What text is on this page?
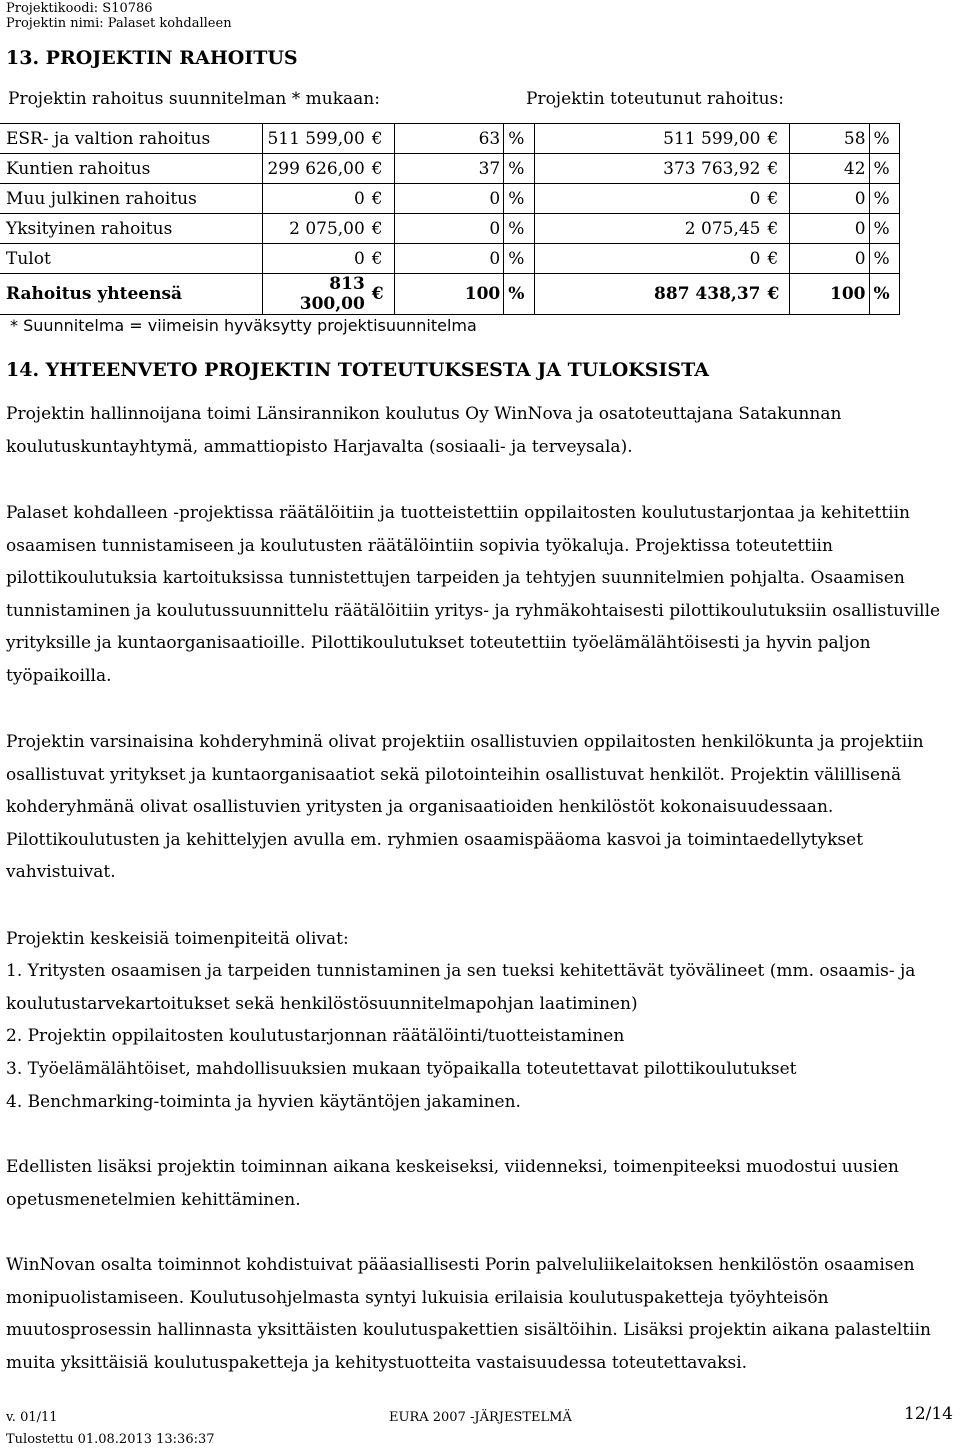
Projektikoodi: S10786
Projektin nimi: Palaset kohdalleen
13. PROJEKTIN RAHOITUS
Projektin rahoitus suunnitelman * mukaan:	Projektin toteutunut rahoitus:
ESR- ja valtion rahoitus	511 599,00	€	63	%	511 599,00	€	58	%
Kuntien rahoitus	299 626,00	€	37	%	373 763,92	€	42	%
Muu julkinen rahoitus	0	€	0	%	0	€	0	%
Yksityinen rahoitus	2 075,00	€	0	%	2 075,45	€	0	%
Tulot	0	€	0	%	0	€	0	%
Rahoitus yhteensä	813 300,00	€	100	%	887 438,37	€	100	%
* Suunnitelma = viimeisin hyväksytty projektisuunnitelma
14. YHTEENVETO PROJEKTIN TOTEUTUKSESTA JA TULOKSISTA

Projektin hallinnoijana toimi Länsirannikon koulutus Oy WinNova ja osatoteuttajana Satakunnan koulutuskuntayhtymä, ammattiopisto Harjavalta (sosiaali- ja terveysala).

Palaset kohdalleen -projektissa räätälöitiin ja tuotteistettiin oppilaitosten koulutustarjontaa ja kehitettiin osaamisen tunnistamiseen ja koulutusten räätälöintiin sopivia työkaluja. Projektissa toteutettiin pilottikoulutuksia kartoituksissa tunnistettujen tarpeiden ja tehtyjen suunnitelmien pohjalta. Osaamisen tunnistaminen ja koulutussuunnittelu räätälöitiin yritys- ja ryhmäkohtaisesti pilottikoulutuksiin osallistuville yrityksille ja kuntaorganisaatioille. Pilottikoulutukset toteutettiin työelämälähtöisesti ja hyvin paljon työpaikoilla.

Projektin varsinaisina kohderyhminä olivat projektiin osallistuvien oppilaitosten henkilökunta ja projektiin osallistuvat yritykset ja kuntaorganisaatiot sekä pilotointeihin osallistuvat henkilöt. Projektin välillisenä kohderyhmänä olivat osallistuvien yritysten ja organisaatioiden henkilöstöt kokonaisuudessaan. Pilottikoulutusten ja kehittelyjen avulla em. ryhmien osaamispääoma kasvoi ja toimintaedellytykset vahvistuivat.

Projektin keskeisiä toimenpiteitä olivat:

1. Yritysten osaamisen ja tarpeiden tunnistaminen ja sen tueksi kehitettävät työvälineet (mm. osaamis- ja koulutustarvekartoitukset sekä henkilöstösuunnitelmapohjan laatiminen)

2. Projektin oppilaitosten koulutustarjonnan räätälöinti/tuotteistaminen

3. Työelämälähtöiset, mahdollisuuksien mukaan työpaikalla toteutettavat pilottikoulutukset

4. Benchmarking-toiminta ja hyvien käytäntöjen jakaminen.

Edellisten lisäksi projektin toiminnan aikana keskeiseksi, viidenneksi, toimenpiteeksi muodostui uusien opetusmenetelmien kehittäminen.

WinNovan osalta toiminnot kohdistuivat pääasiallisesti Porin palveluliikelaitoksen henkilöstön osaamisen monipuolistamiseen. Koulutusohjelmasta syntyi lukuisia erilaisia koulutuspaketteja työyhteisön muutosprosessin hallinnasta yksittäisten koulutuspakettien sisältöihin. Lisäksi projektin aikana palasteltiin muita yksittäisiä koulutuspaketteja ja kehitystuotteita vastaisuudessa toteutettavaksi.

v. 01/11	EURA 2007 -JÄRJESTELMÄ	12/14
Tulostettu 01.08.2013 13:36:37
